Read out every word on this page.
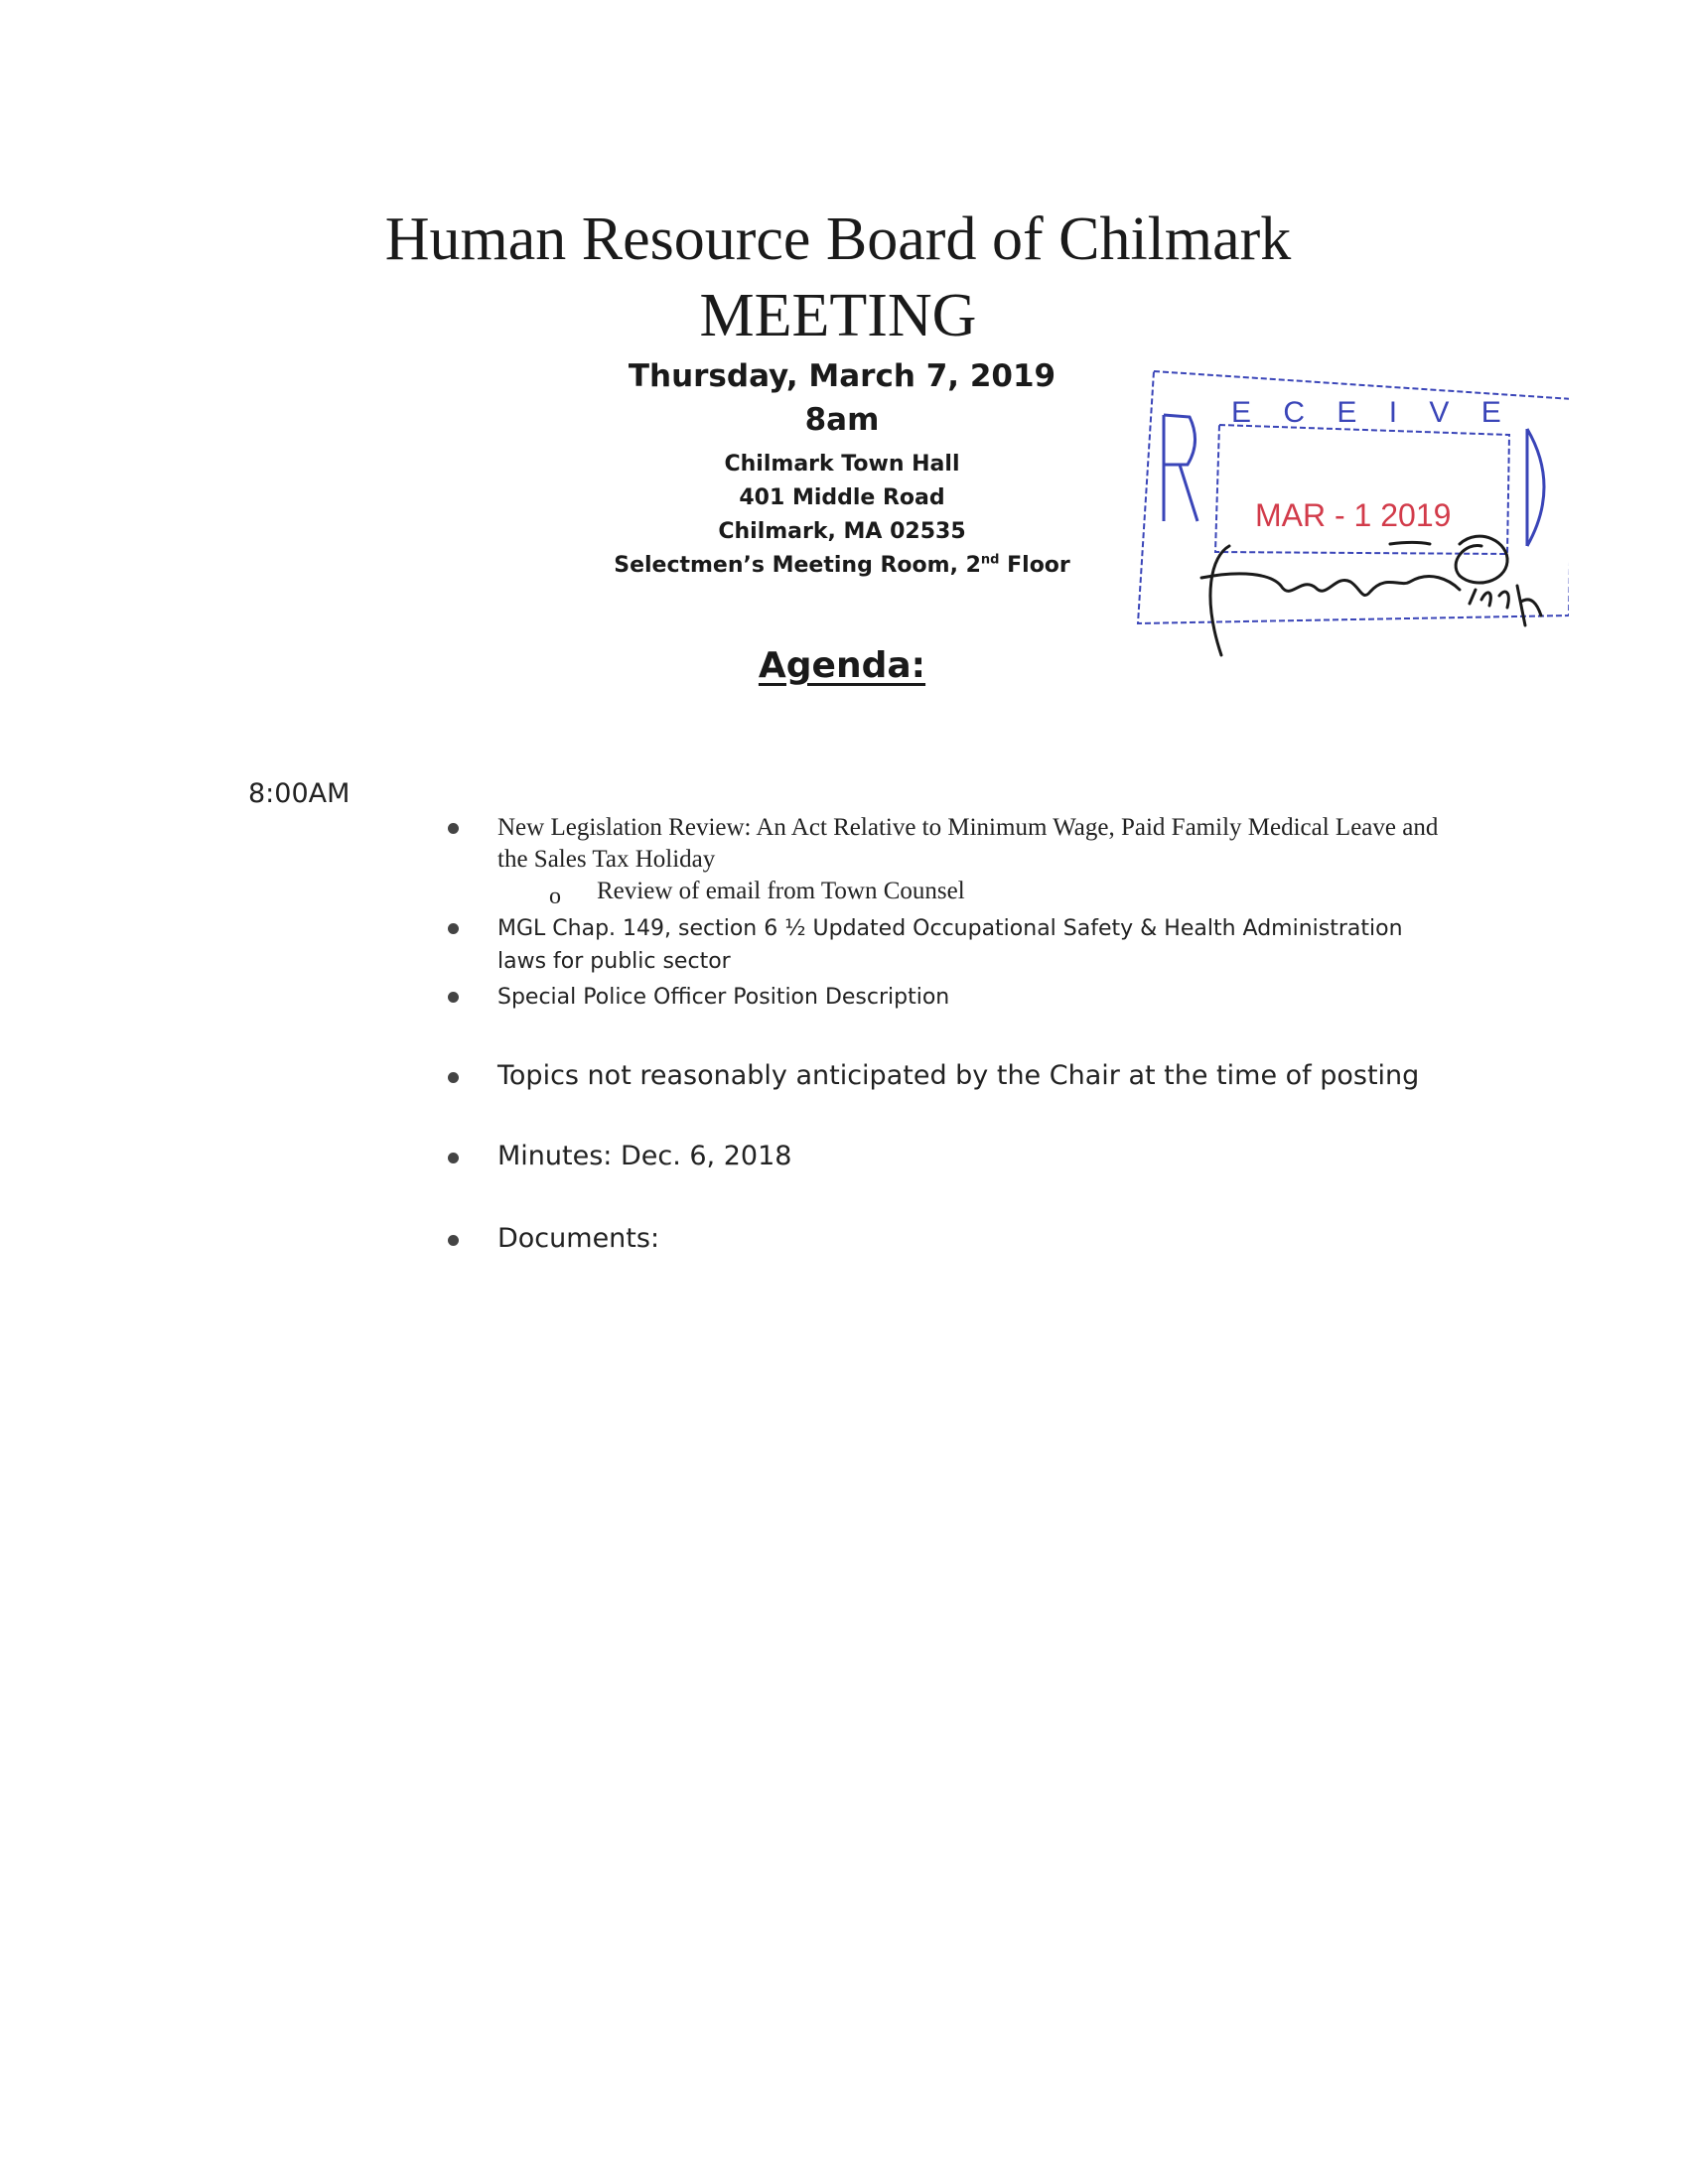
Human Resource Board of Chilmark
MEETING
Thursday, March 7, 2019
8am
Chilmark Town Hall
401 Middle Road
Chilmark, MA 02535
Selectmen’s Meeting Room, 2nd Floor
Agenda:
8:00AM
New Legislation Review: An Act Relative to Minimum Wage, Paid Family Medical Leave and the Sales Tax Holiday
o Review of email from Town Counsel
MGL Chap. 149, section 6 ½ Updated Occupational Safety & Health Administration laws for public sector
Special Police Officer Position Description
Topics not reasonably anticipated by the Chair at the time of posting
Minutes: Dec. 6, 2018
Documents:
E C E I V E
MAR - 1 2019
